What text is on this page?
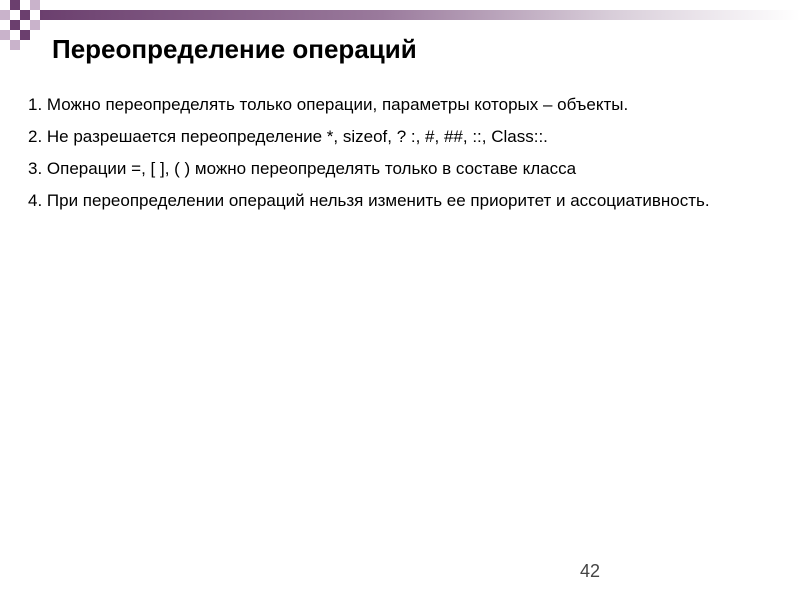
Переопределение операций
1. Можно переопределять только операции, параметры которых – объекты.
2. Не разрешается переопределение *, sizeof, ? :, #, ##, ::, Class::.
3. Операции =, [ ], ( ) можно переопределять только в составе класса
4. При переопределении операций нельзя изменить ее приоритет и ассоциативность.
42
